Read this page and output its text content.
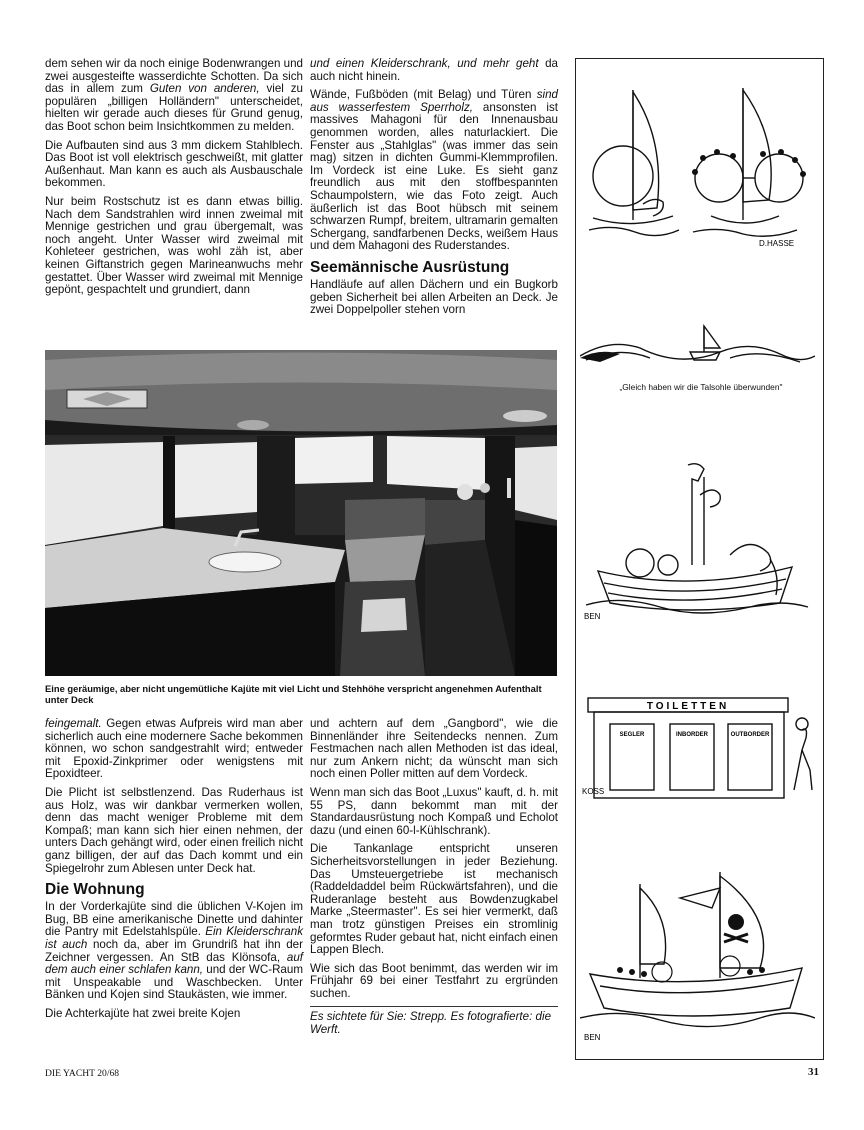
dem sehen wir da noch einige Bodenwrangen und zwei ausgesteifte wasserdichte Schotten. Da sich das in allem zum Guten von anderen, viel zu populären „billigen Holländern" unterscheidet, hielten wir gerade auch dieses für Grund genug, das Boot schon beim Insichtkommen zu melden.

Die Aufbauten sind aus 3 mm dickem Stahlblech. Das Boot ist voll elektrisch geschweißt, mit glatter Außenhaut. Man kann es auch als Ausbauschale bekommen.

Nur beim Rostschutz ist es dann etwas billig. Nach dem Sandstrahlen wird innen zweimal mit Mennige gestrichen und grau übergemalt, was noch angeht. Unter Wasser wird zweimal mit Kohleteer gestrichen, was wohl zäh ist, aber keinen Giftanstrich gegen Marineanwuchs mehr gestattet. Über Wasser wird zweimal mit Mennige gepönt, gespachtelt und grundiert, dann

und einen Kleiderschrank, und mehr geht da auch nicht hinein.

Wände, Fußböden (mit Belag) und Türen sind aus wasserfestem Sperrholz, ansonsten ist massives Mahagoni für den Innenausbau genommen worden, alles naturlackiert. Die Fenster aus „Stahlglas" (was immer das sein mag) sitzen in dichten Gummi-Klemmprofilen. Im Vordeck ist eine Luke. Es sieht ganz freundlich aus mit den stoffbespannten Schaumpolstern, wie das Foto zeigt. Auch äußerlich ist das Boot hübsch mit seinem schwarzen Rumpf, breitem, ultramarin gemalten Schergang, sandfarbenen Decks, weißem Haus und dem Mahagoni des Ruderstandes.

Seemännische Ausrüstung

Handläufe auf allen Dächern und ein Bugkorb geben Sicherheit bei allen Arbeiten an Deck. Je zwei Doppelpoller stehen vorn

Eine geräumige, aber nicht ungemütliche Kajüte mit viel Licht und Stehhöhe verspricht angenehmen Aufenthalt unter Deck

feingemalt. Gegen etwas Aufpreis wird man aber sicherlich auch eine modernere Sache bekommen können, wo schon sandgestrahlt wird; entweder mit Epoxid-Zinkprimer oder wenigstens mit Epoxidteer.

Die Plicht ist selbstlenzend. Das Ruderhaus ist aus Holz, was wir dankbar vermerken wollen, denn das macht weniger Probleme mit dem Kompaß; man kann sich hier einen nehmen, der unters Dach gehängt wird, oder einen freilich nicht ganz billigen, der auf das Dach kommt und ein Spiegelrohr zum Ablesen unter Deck hat.

Die Wohnung

In der Vorderkajüte sind die üblichen V-Kojen im Bug, BB eine amerikanische Dinette und dahinter die Pantry mit Edelstahlspüle. Ein Kleiderschrank ist auch noch da, aber im Grundriß hat ihn der Zeichner vergessen. An StB das Klönsofa, auf dem auch einer schlafen kann, und der WC-Raum mit Unspeakable und Waschbecken. Unter Bänken und Kojen sind Staukästen, wie immer.

Die Achterkajüte hat zwei breite Kojen

und achtern auf dem „Gangbord", wie die Binnenländer ihre Seitendecks nennen. Zum Festmachen nach allen Methoden ist das ideal, nur zum Ankern nicht; da wünscht man sich noch einen Poller mitten auf dem Vordeck.

Wenn man sich das Boot „Luxus" kauft, d. h. mit 55 PS, dann bekommt man mit der Standardausrüstung noch Kompaß und Echolot dazu (und einen 60-l-Kühlschrank).

Die Tankanlage entspricht unseren Sicherheitsvorstellungen in jeder Beziehung. Das Umsteuergetriebe ist mechanisch (Raddeldaddel beim Rückwärtsfahren), und die Ruderanlage besteht aus Bowdenzugkabel Marke „Steermaster". Es sei hier vermerkt, daß man trotz günstigen Preises ein stromlinig geformtes Ruder gebaut hat, nicht einfach einen Lappen Blech.

Wie sich das Boot benimmt, das werden wir im Frühjahr 69 bei einer Testfahrt zu ergründen suchen.

Es sichtete für Sie: Strepp. Es fotografierte: die Werft.

D.HASSE
„Gleich haben wir die Talsohle überwunden"
BEN
TOILETTEN
SEGLER	INBORDER	OUTBORDER
KOSS
BEN
DIE YACHT 20/68	31
